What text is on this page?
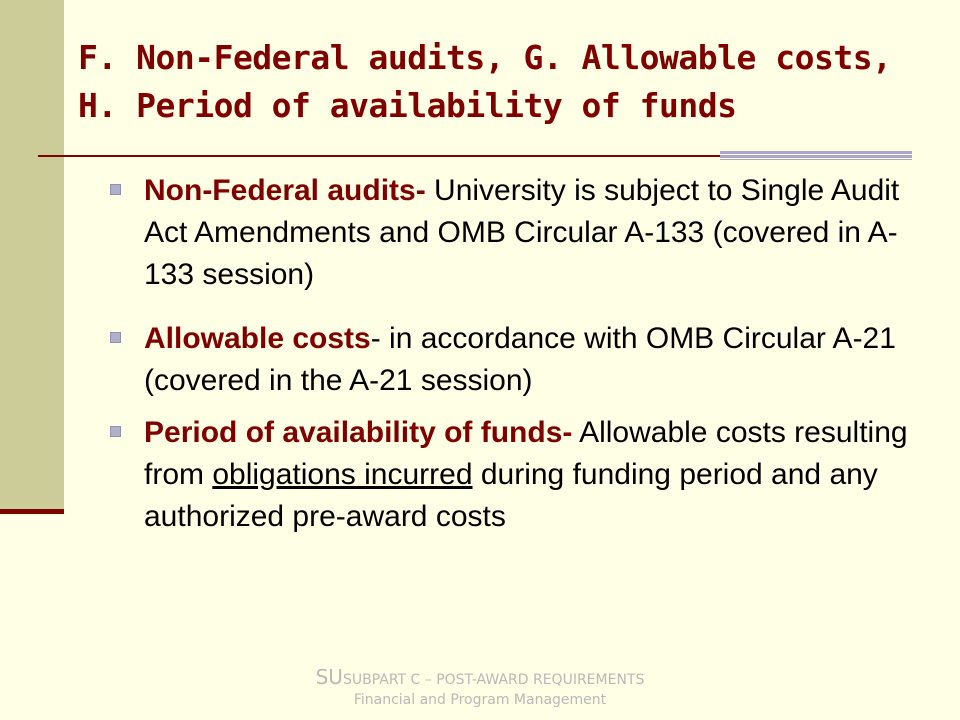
F. Non-Federal audits, G. Allowable costs, H. Period of availability of funds
Non-Federal audits- University is subject to Single Audit Act Amendments and OMB Circular A-133 (covered in A-133 session)
Allowable costs- in accordance with OMB Circular A-21   (covered in the A-21 session)
Period of availability of funds- Allowable costs resulting from obligations incurred during funding period and any authorized pre-award costs
SUSUBPART C – POST-AWARD REQUIREMENTS
Financial and Program Management
